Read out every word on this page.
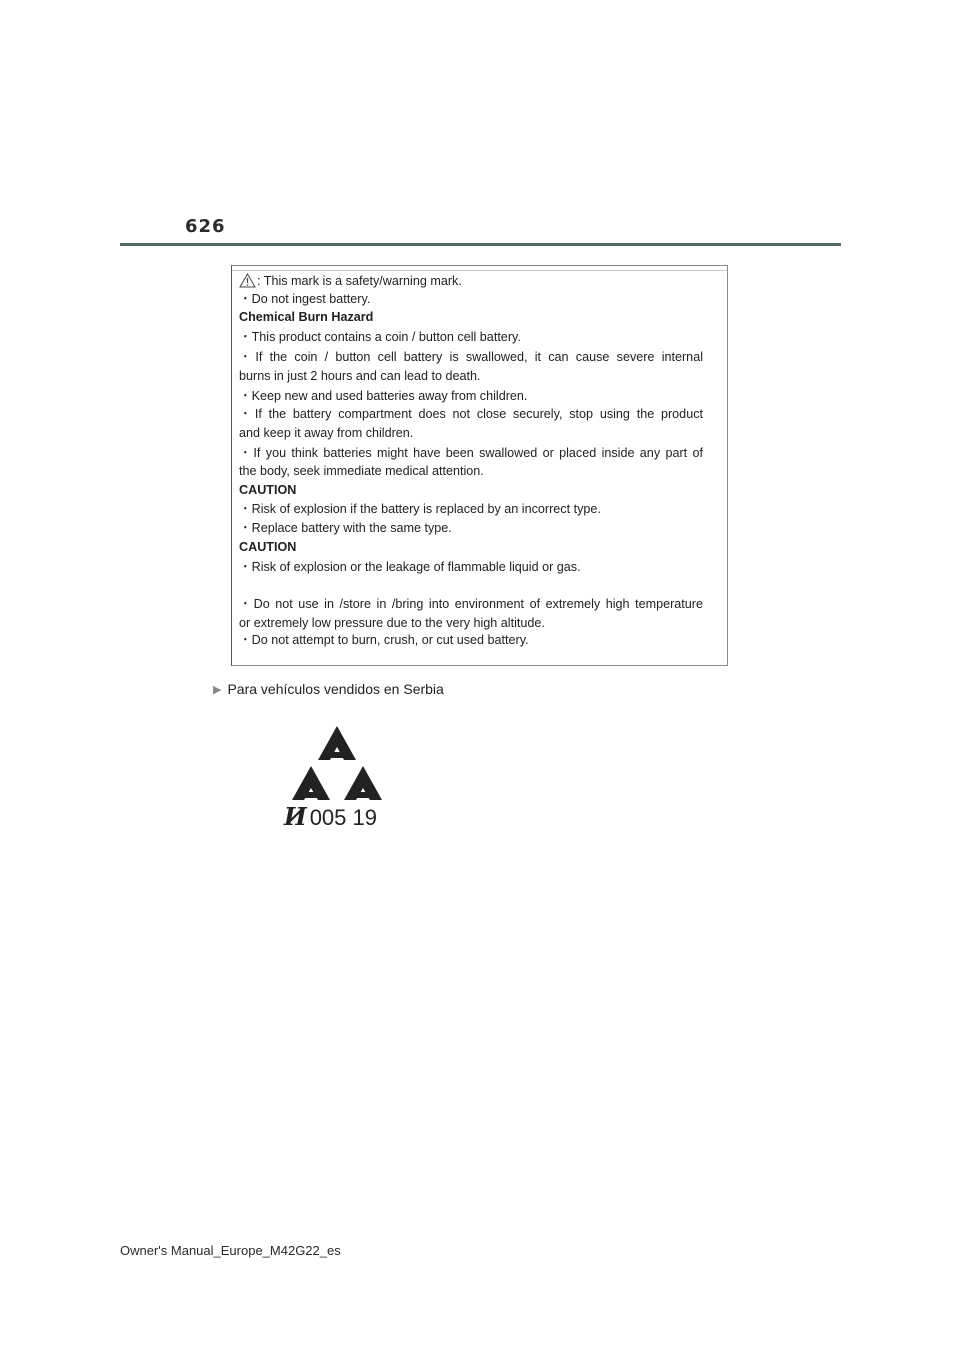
626
: This mark is a safety/warning mark.
・Do not ingest battery.
Chemical Burn Hazard
・This product contains a coin / button cell battery.
・If the coin / button cell battery is swallowed, it can cause severe internal
burns in just 2 hours and can lead to death.
・Keep new and used batteries away from children.
・If the battery compartment does not close securely, stop using the product
and keep it away from children.
・If you think batteries might have been swallowed or placed inside any part of
the body, seek immediate medical attention.
CAUTION
・Risk of explosion if the battery is replaced by an incorrect type.
・Replace battery with the same type.
CAUTION
・Risk of explosion or the leakage of flammable liquid or gas.
・Do not use in /store in /bring into environment of extremely high temperature
or extremely low pressure due to the very high altitude.
・Do not attempt to burn, crush, or cut used battery.
▶ Para vehículos vendidos en Serbia
И 005 19
Owner's Manual_Europe_M42G22_es
